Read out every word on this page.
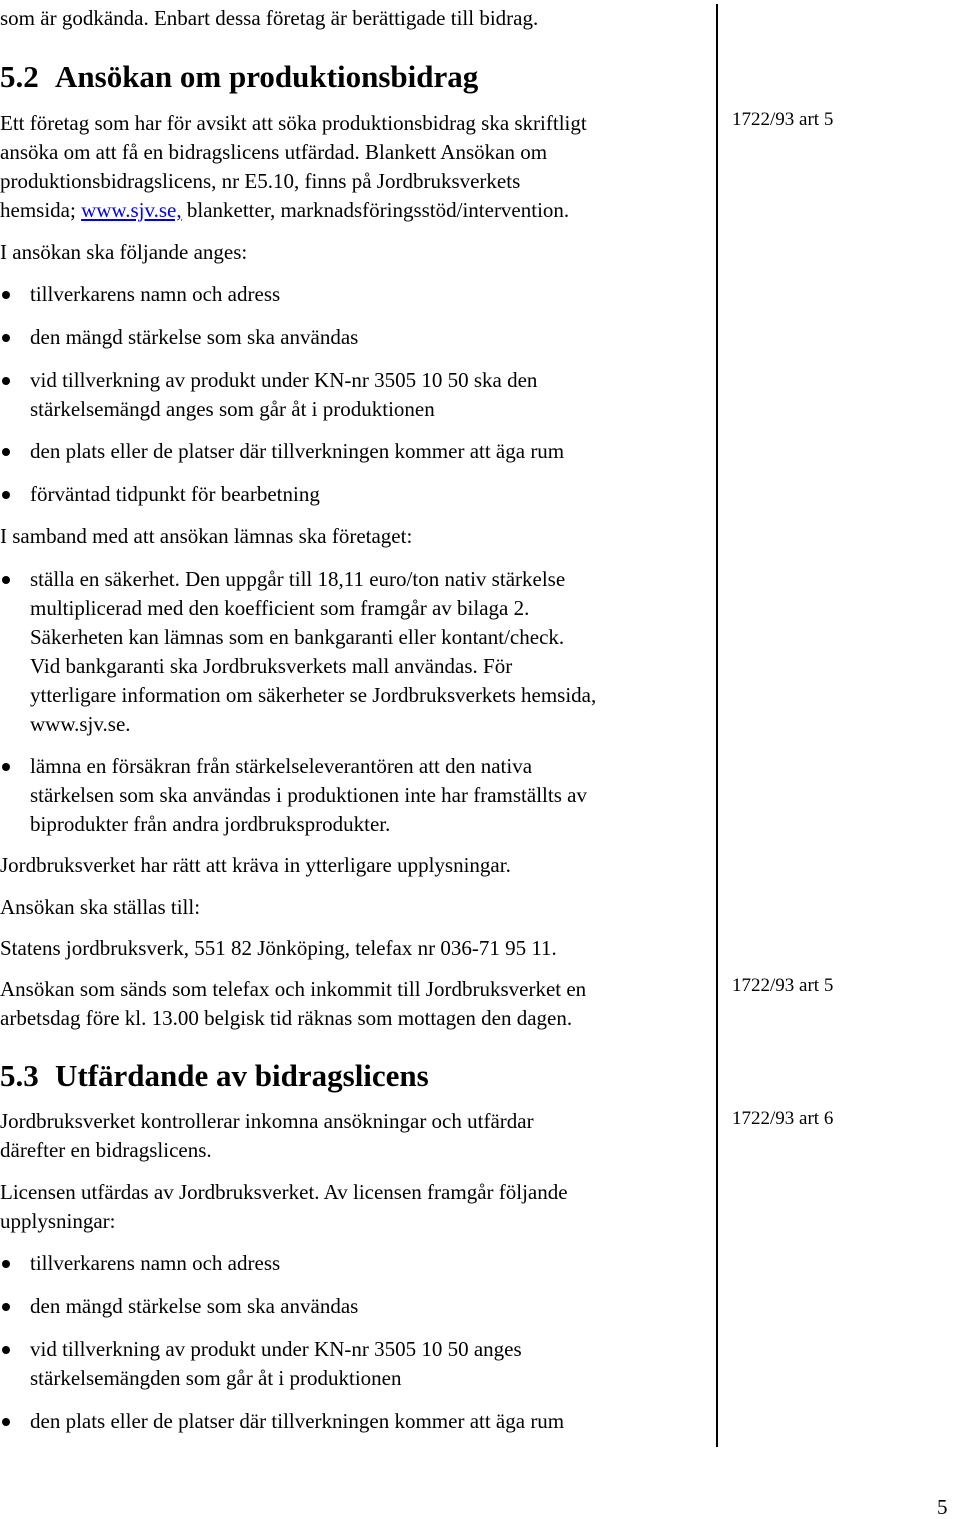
som är godkända. Enbart dessa företag är berättigade till bidrag.
5.2 Ansökan om produktionsbidrag
Ett företag som har för avsikt att söka produktionsbidrag ska skriftligt
ansöka om att få en bidragslicens utfärdad. Blankett Ansökan om
produktionsbidragslicens, nr E5.10, finns på Jordbruksverkets
hemsida; www.sjv.se, blanketter, marknadsföringsstöd/intervention.
I ansökan ska följande anges:
tillverkarens namn och adress
den mängd stärkelse som ska användas
vid tillverkning av produkt under KN-nr 3505 10 50 ska den
stärkelsemängd anges som går åt i produktionen
den plats eller de platser där tillverkningen kommer att äga rum
förväntad tidpunkt för bearbetning
I samband med att ansökan lämnas ska företaget:
ställa en säkerhet. Den uppgår till 18,11 euro/ton nativ stärkelse
multiplicerad med den koefficient som framgår av bilaga 2.
Säkerheten kan lämnas som en bankgaranti eller kontant/check.
Vid bankgaranti ska Jordbruksverkets mall användas. För
ytterligare information om säkerheter se Jordbruksverkets hemsida,
www.sjv.se.
lämna en försäkran från stärkelseleverantören att den nativa
stärkelsen som ska användas i produktionen inte har framställts av
biprodukter från andra jordbruksprodukter.
Jordbruksverket har rätt att kräva in ytterligare upplysningar.
Ansökan ska ställas till:
Statens jordbruksverk, 551 82 Jönköping, telefax nr 036-71 95 11.
Ansökan som sänds som telefax och inkommit till Jordbruksverket en
arbetsdag före kl. 13.00 belgisk tid räknas som mottagen den dagen.
5.3 Utfärdande av bidragslicens
Jordbruksverket kontrollerar inkomna ansökningar och utfärdar
därefter en bidragslicens.
Licensen utfärdas av Jordbruksverket. Av licensen framgår följande
upplysningar:
tillverkarens namn och adress
den mängd stärkelse som ska användas
vid tillverkning av produkt under KN-nr 3505 10 50 anges
stärkelsemängden som går åt i produktionen
den plats eller de platser där tillverkningen kommer att äga rum
1722/93 art 5
1722/93 art 5
1722/93 art 6
5
